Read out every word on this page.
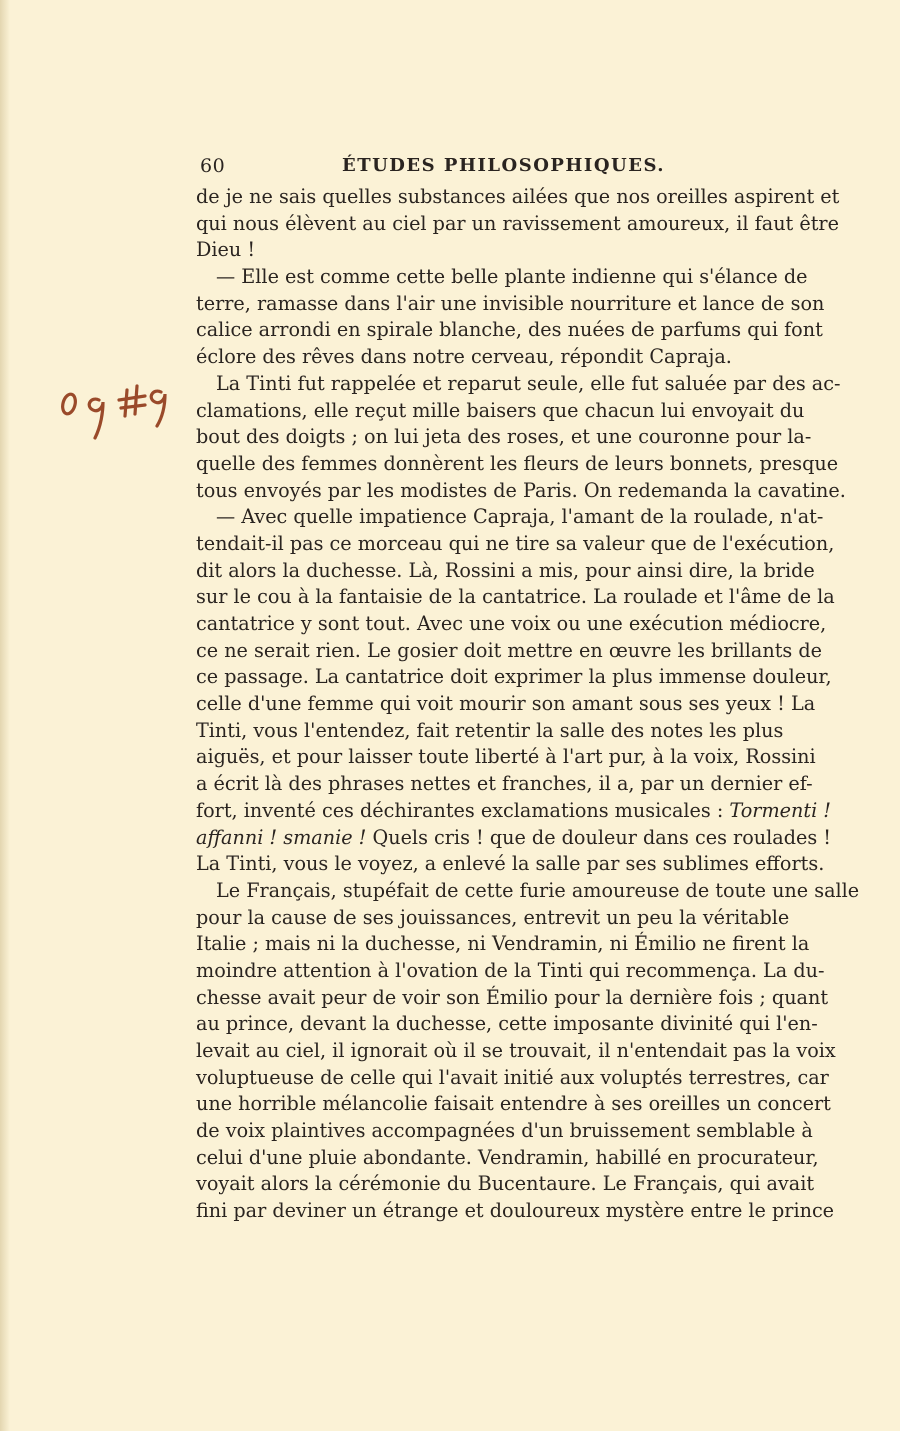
60	ÉTUDES PHILOSOPHIQUES.
de je ne sais quelles substances ailées que nos oreilles aspirent et
qui nous élèvent au ciel par un ravissement amoureux, il faut être
Dieu !
— Elle est comme cette belle plante indienne qui s'élance de
terre, ramasse dans l'air une invisible nourriture et lance de son
calice arrondi en spirale blanche, des nuées de parfums qui font
éclore des rêves dans notre cerveau, répondit Capraja.
La Tinti fut rappelée et reparut seule, elle fut saluée par des ac-
clamations, elle reçut mille baisers que chacun lui envoyait du
bout des doigts ; on lui jeta des roses, et une couronne pour la-
quelle des femmes donnèrent les fleurs de leurs bonnets, presque
tous envoyés par les modistes de Paris. On redemanda la cavatine.
— Avec quelle impatience Capraja, l'amant de la roulade, n'at-
tendait-il pas ce morceau qui ne tire sa valeur que de l'exécution,
dit alors la duchesse. Là, Rossini a mis, pour ainsi dire, la bride
sur le cou à la fantaisie de la cantatrice. La roulade et l'âme de la
cantatrice y sont tout. Avec une voix ou une exécution médiocre,
ce ne serait rien. Le gosier doit mettre en œuvre les brillants de
ce passage. La cantatrice doit exprimer la plus immense douleur,
celle d'une femme qui voit mourir son amant sous ses yeux ! La
Tinti, vous l'entendez, fait retentir la salle des notes les plus
aiguës, et pour laisser toute liberté à l'art pur, à la voix, Rossini
a écrit là des phrases nettes et franches, il a, par un dernier ef-
fort, inventé ces déchirantes exclamations musicales : Tormenti !
affanni ! smanie ! Quels cris ! que de douleur dans ces roulades !
La Tinti, vous le voyez, a enlevé la salle par ses sublimes efforts.
Le Français, stupéfait de cette furie amoureuse de toute une salle
pour la cause de ses jouissances, entrevit un peu la véritable
Italie ; mais ni la duchesse, ni Vendramin, ni Émilio ne firent la
moindre attention à l'ovation de la Tinti qui recommença. La du-
chesse avait peur de voir son Émilio pour la dernière fois ; quant
au prince, devant la duchesse, cette imposante divinité qui l'en-
levait au ciel, il ignorait où il se trouvait, il n'entendait pas la voix
voluptueuse de celle qui l'avait initié aux voluptés terrestres, car
une horrible mélancolie faisait entendre à ses oreilles un concert
de voix plaintives accompagnées d'un bruissement semblable à
celui d'une pluie abondante. Vendramin, habillé en procurateur,
voyait alors la cérémonie du Bucentaure. Le Français, qui avait
fini par deviner un étrange et douloureux mystère entre le prince
